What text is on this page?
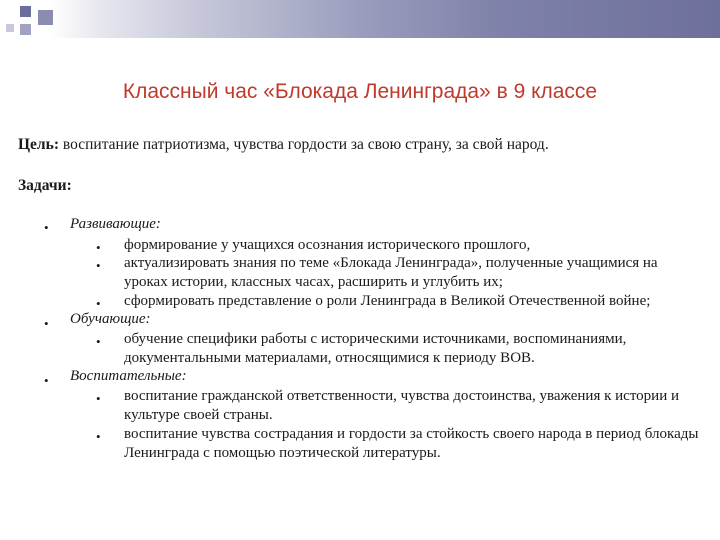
Классный час «Блокада Ленинграда» в 9 классе
Цель: воспитание патриотизма, чувства гордости за свою страну, за свой народ.
Задачи:
• Развивающие:
• формирование у учащихся осознания исторического прошлого,
• актуализировать знания по теме «Блокада Ленинграда», полученные учащимися на уроках истории, классных часах, расширить и углубить их;
• сформировать представление о роли Ленинграда в Великой Отечественной войне;
• Обучающие:
• обучение специфики работы с историческими источниками, воспоминаниями, документальными материалами, относящимися к периоду ВОВ.
• Воспитательные:
• воспитание гражданской ответственности, чувства достоинства, уважения к истории и культуре своей страны.
• воспитание чувства сострадания и гордости за стойкость своего народа в период блокады Ленинграда с помощью поэтической литературы.
